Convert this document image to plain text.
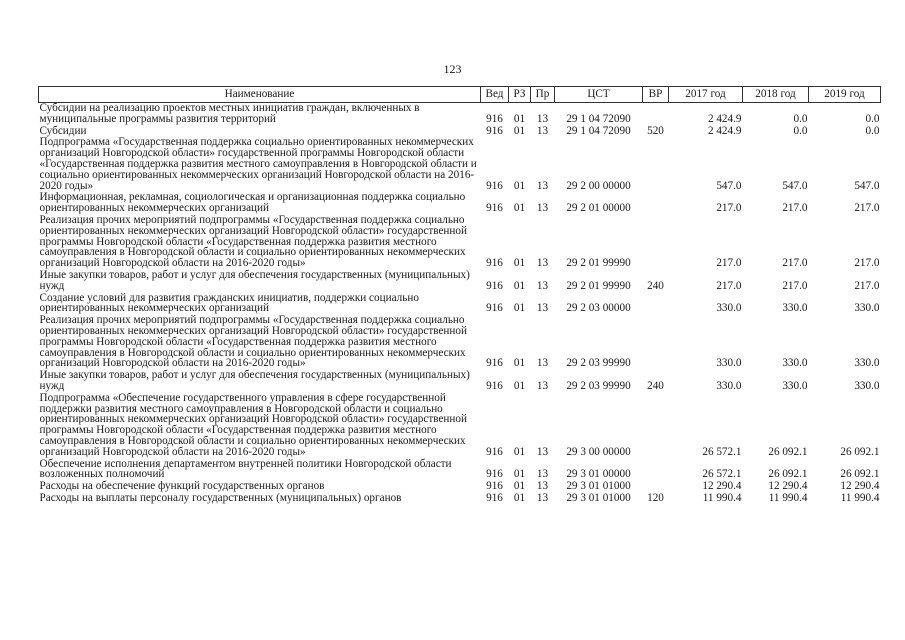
123
Наименование	Вед	РЗ	Пр	ЦСТ	ВР	2017 год	2018 год	2019 год
Субсидии на реализацию проектов местных инициатив граждан, включенных в муниципальные программы развития территорий	916	01	13	29 1 04 72090		2 424.9	0.0	0.0
Субсидии	916	01	13	29 1 04 72090	520	2 424.9	0.0	0.0
Подпрограмма «Государственная поддержка социально ориентированных некоммерческих организаций Новгородской области» государственной программы Новгородской области «Государственная поддержка развития местного самоуправления в Новгородской области и социально ориентированных некоммерческих организаций Новгородской области на 2016-2020 годы»	916	01	13	29 2 00 00000		547.0	547.0	547.0
Информационная, рекламная, социологическая и организационная поддержка социально ориентированных некоммерческих организаций	916	01	13	29 2 01 00000		217.0	217.0	217.0
Реализация прочих мероприятий подпрограммы «Государственная поддержка социально ориентированных некоммерческих организаций Новгородской области» государственной программы Новгородской области «Государственная поддержка развития местного самоуправления в Новгородской области и социально ориентированных некоммерческих организаций Новгородской области на 2016-2020 годы»	916	01	13	29 2 01 99990		217.0	217.0	217.0
Иные закупки товаров, работ и услуг для обеспечения государственных (муниципальных) нужд	916	01	13	29 2 01 99990	240	217.0	217.0	217.0
Создание условий для развития гражданских инициатив, поддержки социально ориентированных некоммерческих организаций	916	01	13	29 2 03 00000		330.0	330.0	330.0
Реализация прочих мероприятий подпрограммы «Государственная поддержка социально ориентированных некоммерческих организаций Новгородской области» государственной программы Новгородской области «Государственная поддержка развития местного самоуправления в Новгородской области и социально ориентированных некоммерческих организаций Новгородской области на 2016-2020 годы»	916	01	13	29 2 03 99990		330.0	330.0	330.0
Иные закупки товаров, работ и услуг для обеспечения государственных (муниципальных) нужд	916	01	13	29 2 03 99990	240	330.0	330.0	330.0
Подпрограмма «Обеспечение государственного управления в сфере государственной поддержки развития местного самоуправления в Новгородской области и социально ориентированных некоммерческих организаций Новгородской области» государственной программы Новгородской области «Государственная поддержка развития местного самоуправления в Новгородской области и социально ориентированных некоммерческих организаций Новгородской области на 2016-2020 годы»	916	01	13	29 3 00 00000		26 572.1	26 092.1	26 092.1
Обеспечение исполнения департаментом внутренней политики Новгородской области возложенных полномочий	916	01	13	29 3 01 00000		26 572.1	26 092.1	26 092.1
Расходы на обеспечение функций государственных органов	916	01	13	29 3 01 01000		12 290.4	12 290.4	12 290.4
Расходы на выплаты персоналу государственных (муниципальных) органов	916	01	13	29 3 01 01000	120	11 990.4	11 990.4	11 990.4
